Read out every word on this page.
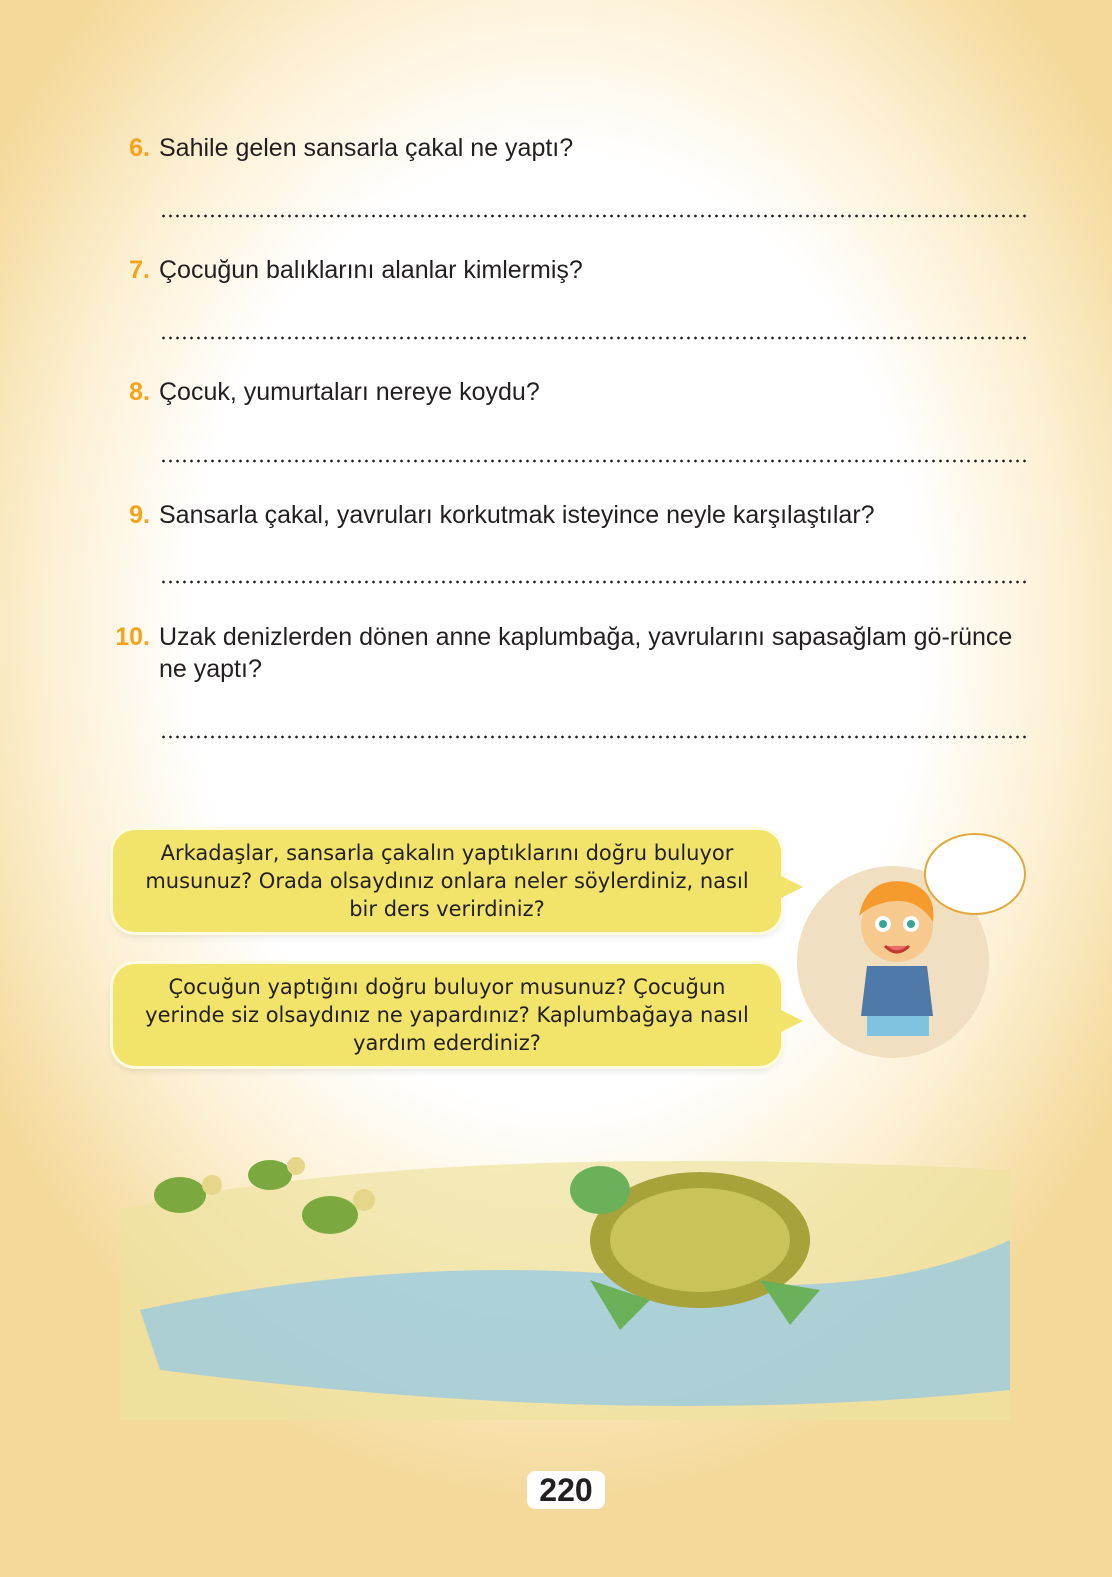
6. Sahile gelen sansarla çakal ne yaptı?
7. Çocuğun balıklarını alanlar kimlermiş?
8. Çocuk, yumurtaları nereye koydu?
9. Sansarla çakal, yavruları korkutmak isteyince neyle karşılaştılar?
10. Uzak denizlerden dönen anne kaplumbağa, yavrularını sapasağlam gö-rünce ne yaptı?
Arkadaşlar, sansarla çakalın yaptıklarını doğru buluyor musunuz? Orada olsaydınız onlara neler söylerdiniz, nasıl bir ders verirdiniz?
Çocuğun yaptığını doğru buluyor musunuz? Çocuğun yerinde siz olsaydınız ne yapardınız? Kaplumbağaya nasıl yardım ederdiniz?
220
